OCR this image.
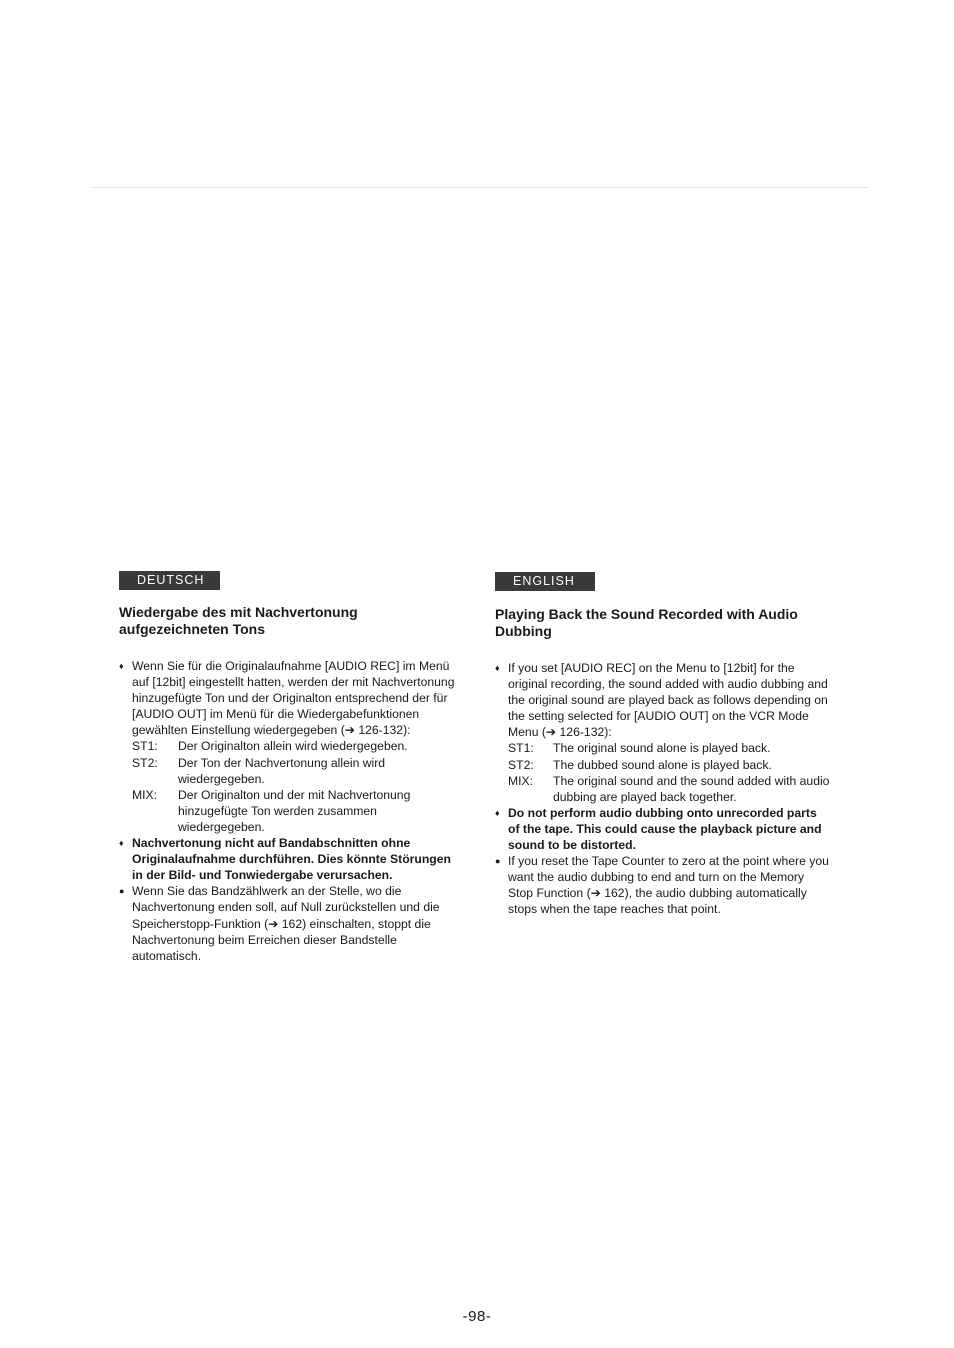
DEUTSCH
Wiedergabe des mit Nachvertonung aufgezeichneten Tons
♦ Wenn Sie für die Originalaufnahme [AUDIO REC] im Menü auf [12bit] eingestellt hatten, werden der mit Nachvertonung hinzugefügte Ton und der Originalton entsprechend der für [AUDIO OUT] im Menü für die Wiedergabefunktionen gewählten Einstellung wiedergegeben (➔ 126-132):
ST1:	Der Originalton allein wird wiedergegeben.
ST2:	Der Ton der Nachvertonung allein wird wiedergegeben.
MIX:	Der Originalton und der mit Nachvertonung hinzugefügte Ton werden zusammen wiedergegeben.
♦ Nachvertonung nicht auf Bandabschnitten ohne Originalaufnahme durchführen. Dies könnte Störungen in der Bild- und Tonwiedergabe verursachen.
● Wenn Sie das Bandzählwerk an der Stelle, wo die Nachvertonung enden soll, auf Null zurückstellen und die Speicherstopp-Funktion (➔ 162) einschalten, stoppt die Nachvertonung beim Erreichen dieser Bandstelle automatisch.
ENGLISH
Playing Back the Sound Recorded with Audio Dubbing
♦ If you set [AUDIO REC] on the Menu to [12bit] for the original recording, the sound added with audio dubbing and the original sound are played back as follows depending on the setting selected for [AUDIO OUT] on the VCR Mode Menu (➔ 126-132):
ST1:	The original sound alone is played back.
ST2:	The dubbed sound alone is played back.
MIX:	The original sound and the sound added with audio dubbing are played back together.
♦ Do not perform audio dubbing onto unrecorded parts of the tape. This could cause the playback picture and sound to be distorted.
● If you reset the Tape Counter to zero at the point where you want the audio dubbing to end and turn on the Memory Stop Function (➔ 162), the audio dubbing automatically stops when the tape reaches that point.
-98-
